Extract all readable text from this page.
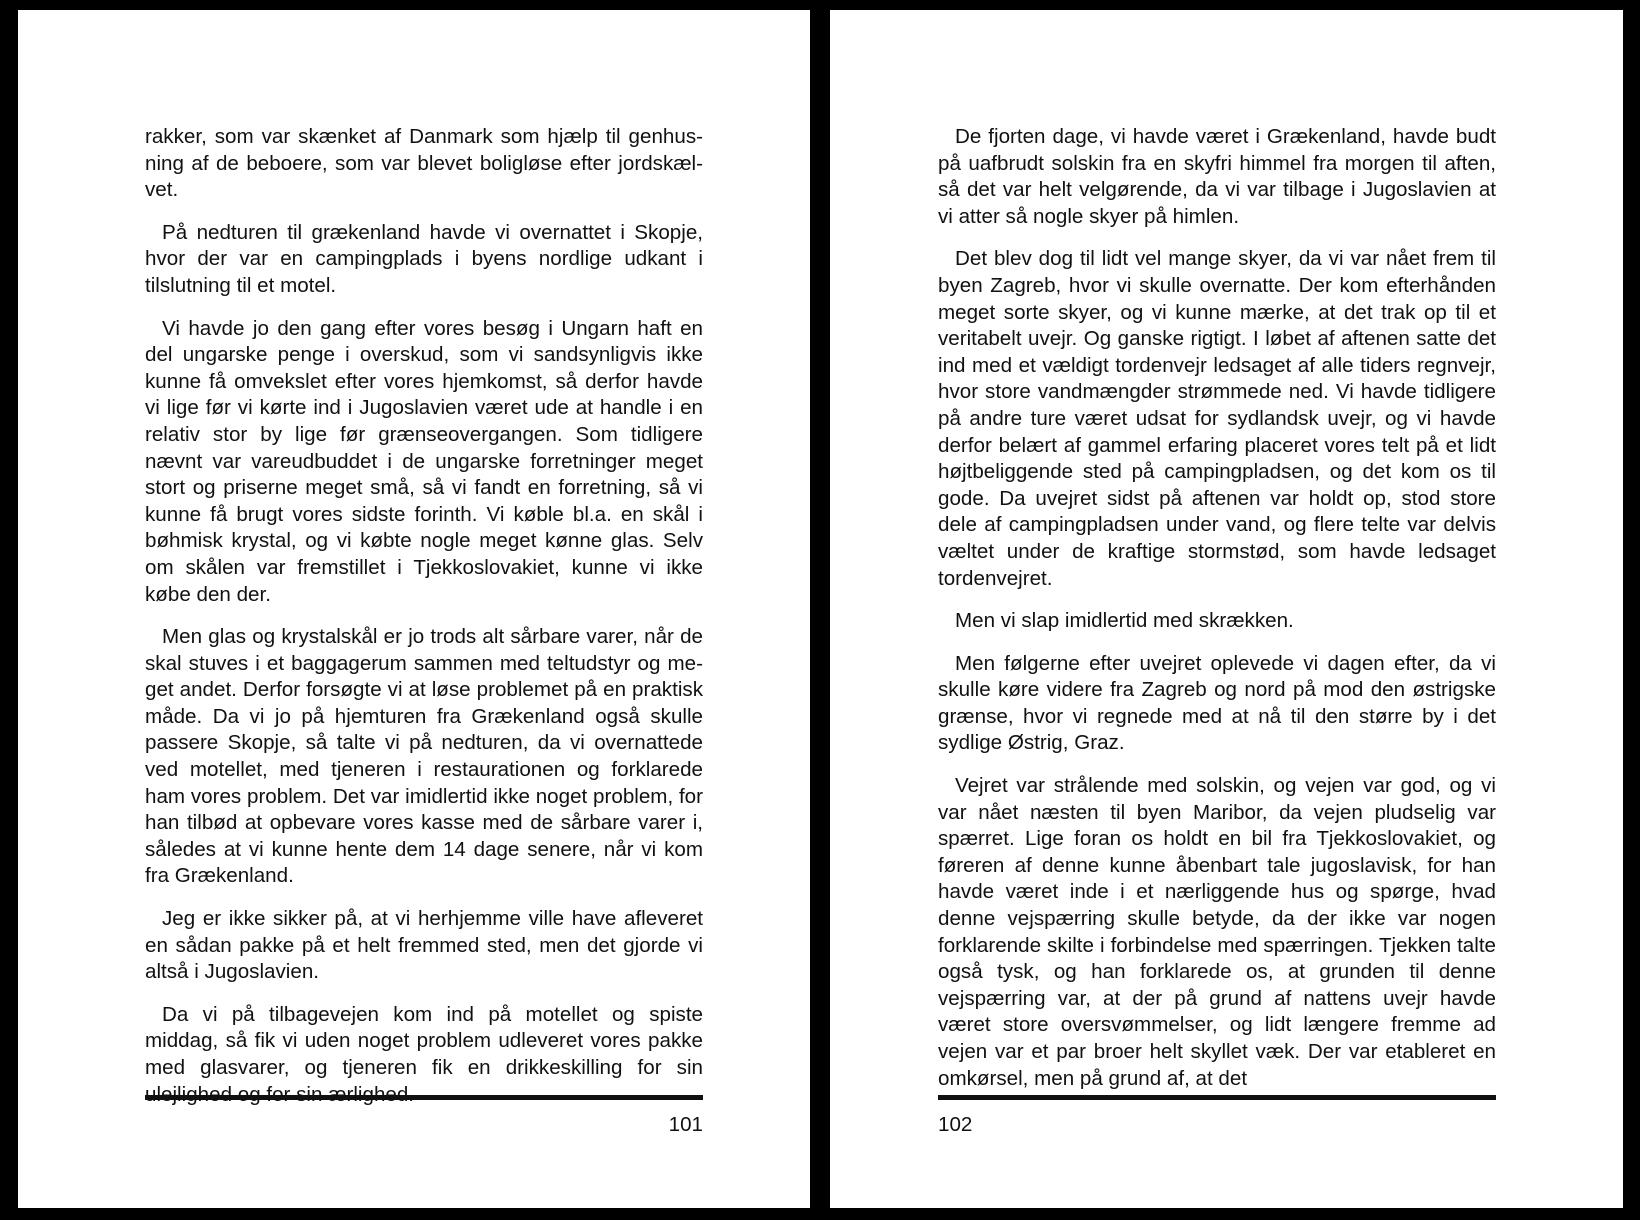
rakker, som var skænket af Danmark som hjælp til genhusning af de beboere, som var blevet boligløse efter jordskælvet.

På nedturen til grækenland havde vi overnattet i Skopje, hvor der var en campingplads i byens nordlige udkant i tilslutning til et motel.

Vi havde jo den gang efter vores besøg i Ungarn haft en del ungarske penge i overskud, som vi sandsynligvis ikke kunne få omvekslet efter vores hjemkomst, så derfor havde vi lige før vi kørte ind i Jugoslavien været ude at handle i en relativ stor by lige før grænseovergangen. Som tidligere nævnt var vareudbuddet i de ungarske forretninger meget stort og priserne meget små, så vi fandt en forretning, så vi kunne få brugt vores sidste forinth. Vi køble bl.a. en skål i bøhmisk krystal, og vi købte nogle meget kønne glas. Selv om skålen var fremstillet i Tjekkoslovakiet, kunne vi ikke købe den der.

Men glas og krystalskål er jo trods alt sårbare varer, når de skal stuves i et baggagerum sammen med teltudstyr og meget andet. Derfor forsøgte vi at løse problemet på en praktisk måde. Da vi jo på hjemturen fra Grækenland også skulle passere Skopje, så talte vi på nedturen, da vi overnattede ved motellet, med tjeneren i restaurationen og forklarede ham vores problem. Det var imidlertid ikke noget problem, for han tilbød at opbevare vores kasse med de sårbare varer i, således at vi kunne hente dem 14 dage senere, når vi kom fra Grækenland.

Jeg er ikke sikker på, at vi herhjemme ville have afleveret en sådan pakke på et helt fremmed sted, men det gjorde vi altså i Jugoslavien.

Da vi på tilbagevejen kom ind på motellet og spiste middag, så fik vi uden noget problem udleveret vores pakke med glasvarer, og tjeneren fik en drikkeskilling for sin

101

De fjorten dage, vi havde været i Grækenland, havde budt på uafbrudt solskin fra en skyfri himmel fra morgen til aften, så det var helt velgørende, da vi var tilbage i Jugoslavien at vi atter så nogle skyer på himlen.

Det blev dog til lidt vel mange skyer, da vi var nået frem til byen Zagreb, hvor vi skulle overnatte. Der kom efterhånden meget sorte skyer, og vi kunne mærke, at det trak op til et veritabelt uvejr. Og ganske rigtigt. I løbet af aftenen satte det ind med et vældigt tordenvejr ledsaget af alle tiders regnvejr, hvor store vandmængder strømmede ned. Vi havde tidligere på andre ture været udsat for sydlandsk uvejr, og vi havde derfor belært af gammel erfaring placeret vores telt på et lidt højtbeliggende sted på campingpladsen, og det kom os til gode. Da uvejret sidst på aftenen var holdt op, stod store dele af campingpladsen under vand, og flere telte var delvis væltet under de kraftige stormstød, som havde ledsaget tordenvejret.

Men vi slap imidlertid med skrækken.

Men følgerne efter uvejret oplevede vi dagen efter, da vi skulle køre videre fra Zagreb og nord på mod den østrigske grænse, hvor vi regnede med at nå til den større by i det sydlige Østrig, Graz.

Vejret var strålende med solskin, og vejen var god, og vi var nået næsten til byen Maribor, da vejen pludselig var spærret. Lige foran os holdt en bil fra Tjekkoslovakiet, og føreren af denne kunne åbenbart tale jugoslavisk, for han havde været inde i et nærliggende hus og spørge, hvad denne vejspærring skulle betyde, da der ikke var nogen forklarende skilte i forbindelse med spærringen. Tjekken talte også tysk, og han forklarede os, at grunden til denne vejspærring var, at der på grund af nattens uvejr havde været store oversvømmelser, og lidt længere fremme ad vejen var et par broer helt skyllet væk. Der var etableret en omkørsel, men på grund af, at det

102
